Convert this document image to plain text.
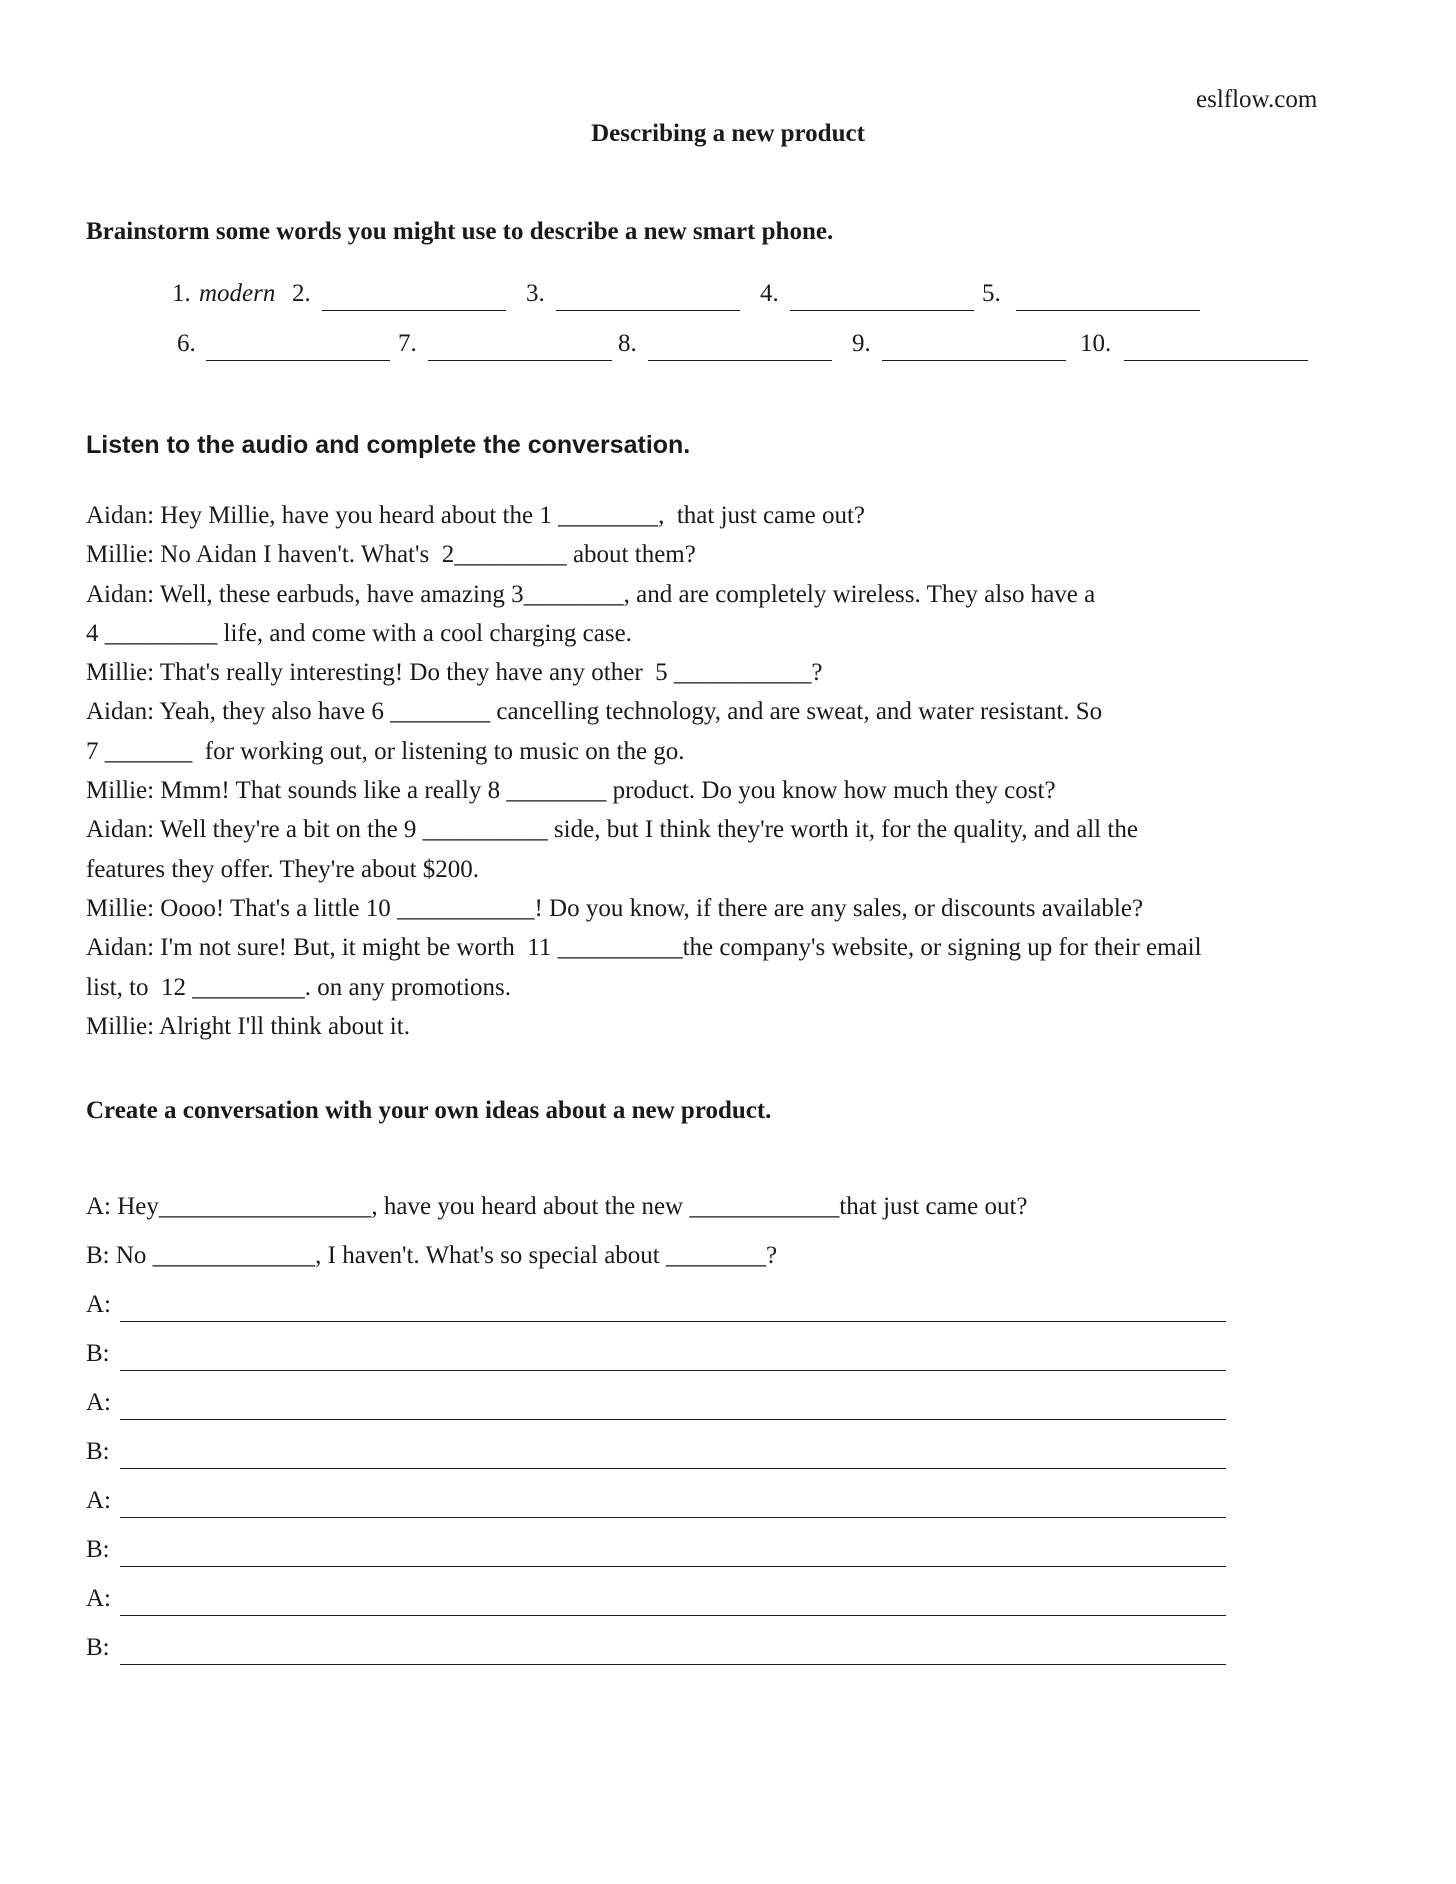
eslflow.com
Describing a new product
Brainstorm some words you might use to describe a new smart phone.
1. modern 2.	3.	4.	5.
6.	7.	8.	9.	10.
Listen to the audio and complete the conversation.
Aidan: Hey Millie, have you heard about the 1 ________,  that just came out?
Millie: No Aidan I haven't. What's  2_________ about them?
Aidan: Well, these earbuds, have amazing 3________, and are completely wireless. They also have a
4 _________ life, and come with a cool charging case.
Millie: That's really interesting! Do they have any other  5 ___________?
Aidan: Yeah, they also have 6 ________ cancelling technology, and are sweat, and water resistant. So
7 _______  for working out, or listening to music on the go.
Millie: Mmm! That sounds like a really 8 ________ product. Do you know how much they cost?
Aidan: Well they're a bit on the 9 __________ side, but I think they're worth it, for the quality, and all the
features they offer. They're about $200.
Millie: Oooo! That's a little 10 ___________! Do you know, if there are any sales, or discounts available?
Aidan: I'm not sure! But, it might be worth  11 __________the company's website, or signing up for their email
list, to  12 _________. on any promotions.
Millie: Alright I'll think about it.
Create a conversation with your own ideas about a new product.
A: Hey_________________, have you heard about the new ____________that just came out?
B: No _____________, I haven't. What's so special about ________?
A:
B:
A:
B:
A:
B:
A:
B:
